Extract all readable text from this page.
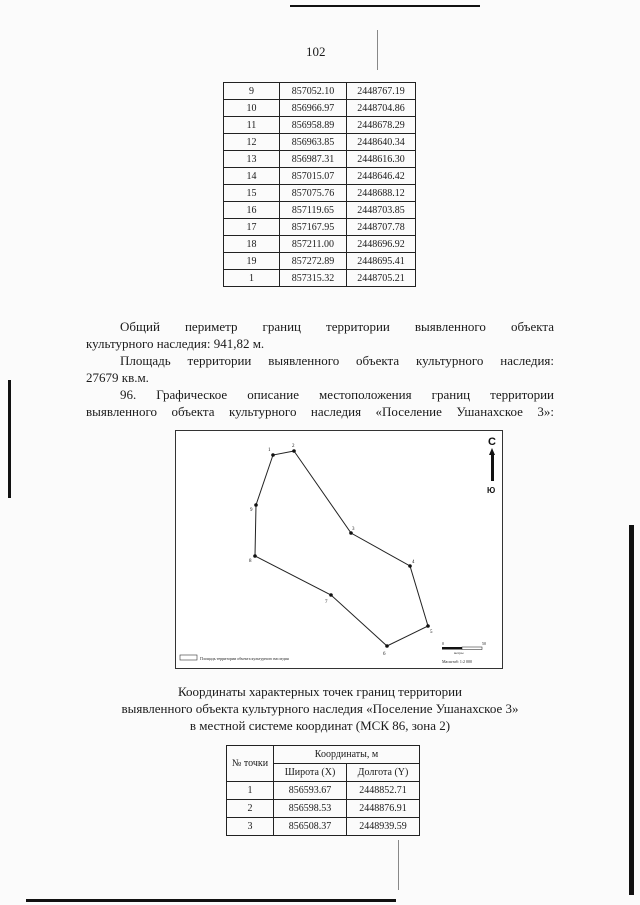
102
9	857052.10	2448767.19
10	856966.97	2448704.86
11	856958.89	2448678.29
12	856963.85	2448640.34
13	856987.31	2448616.30
14	857015.07	2448646.42
15	857075.76	2448688.12
16	857119.65	2448703.85
17	857167.95	2448707.78
18	857211.00	2448696.92
19	857272.89	2448695.41
1	857315.32	2448705.21
Общий периметр границ территории выявленного объекта
культурного наследия: 941,82 м.
Площадь территории выявленного объекта культурного наследия:
27679 кв.м.
96. Графическое описание местоположения границ территории
выявленного объекта культурного наследия «Поселение Ушанахское 3»:
1
2
3
4
5
6
7
8
9
С
Ю
Площадь территории объекта культурного наследия
0	50
метры
Масштаб: 1:2 000
Координаты характерных точек границ территории
выявленного объекта культурного наследия «Поселение Ушанахское 3»
в местной системе координат (МСК 86, зона 2)
№ точки	Координаты, м	
	Широта (X)	Долгота (Y)
1	856593.67	2448852.71
2	856598.53	2448876.91
3	856508.37	2448939.59
